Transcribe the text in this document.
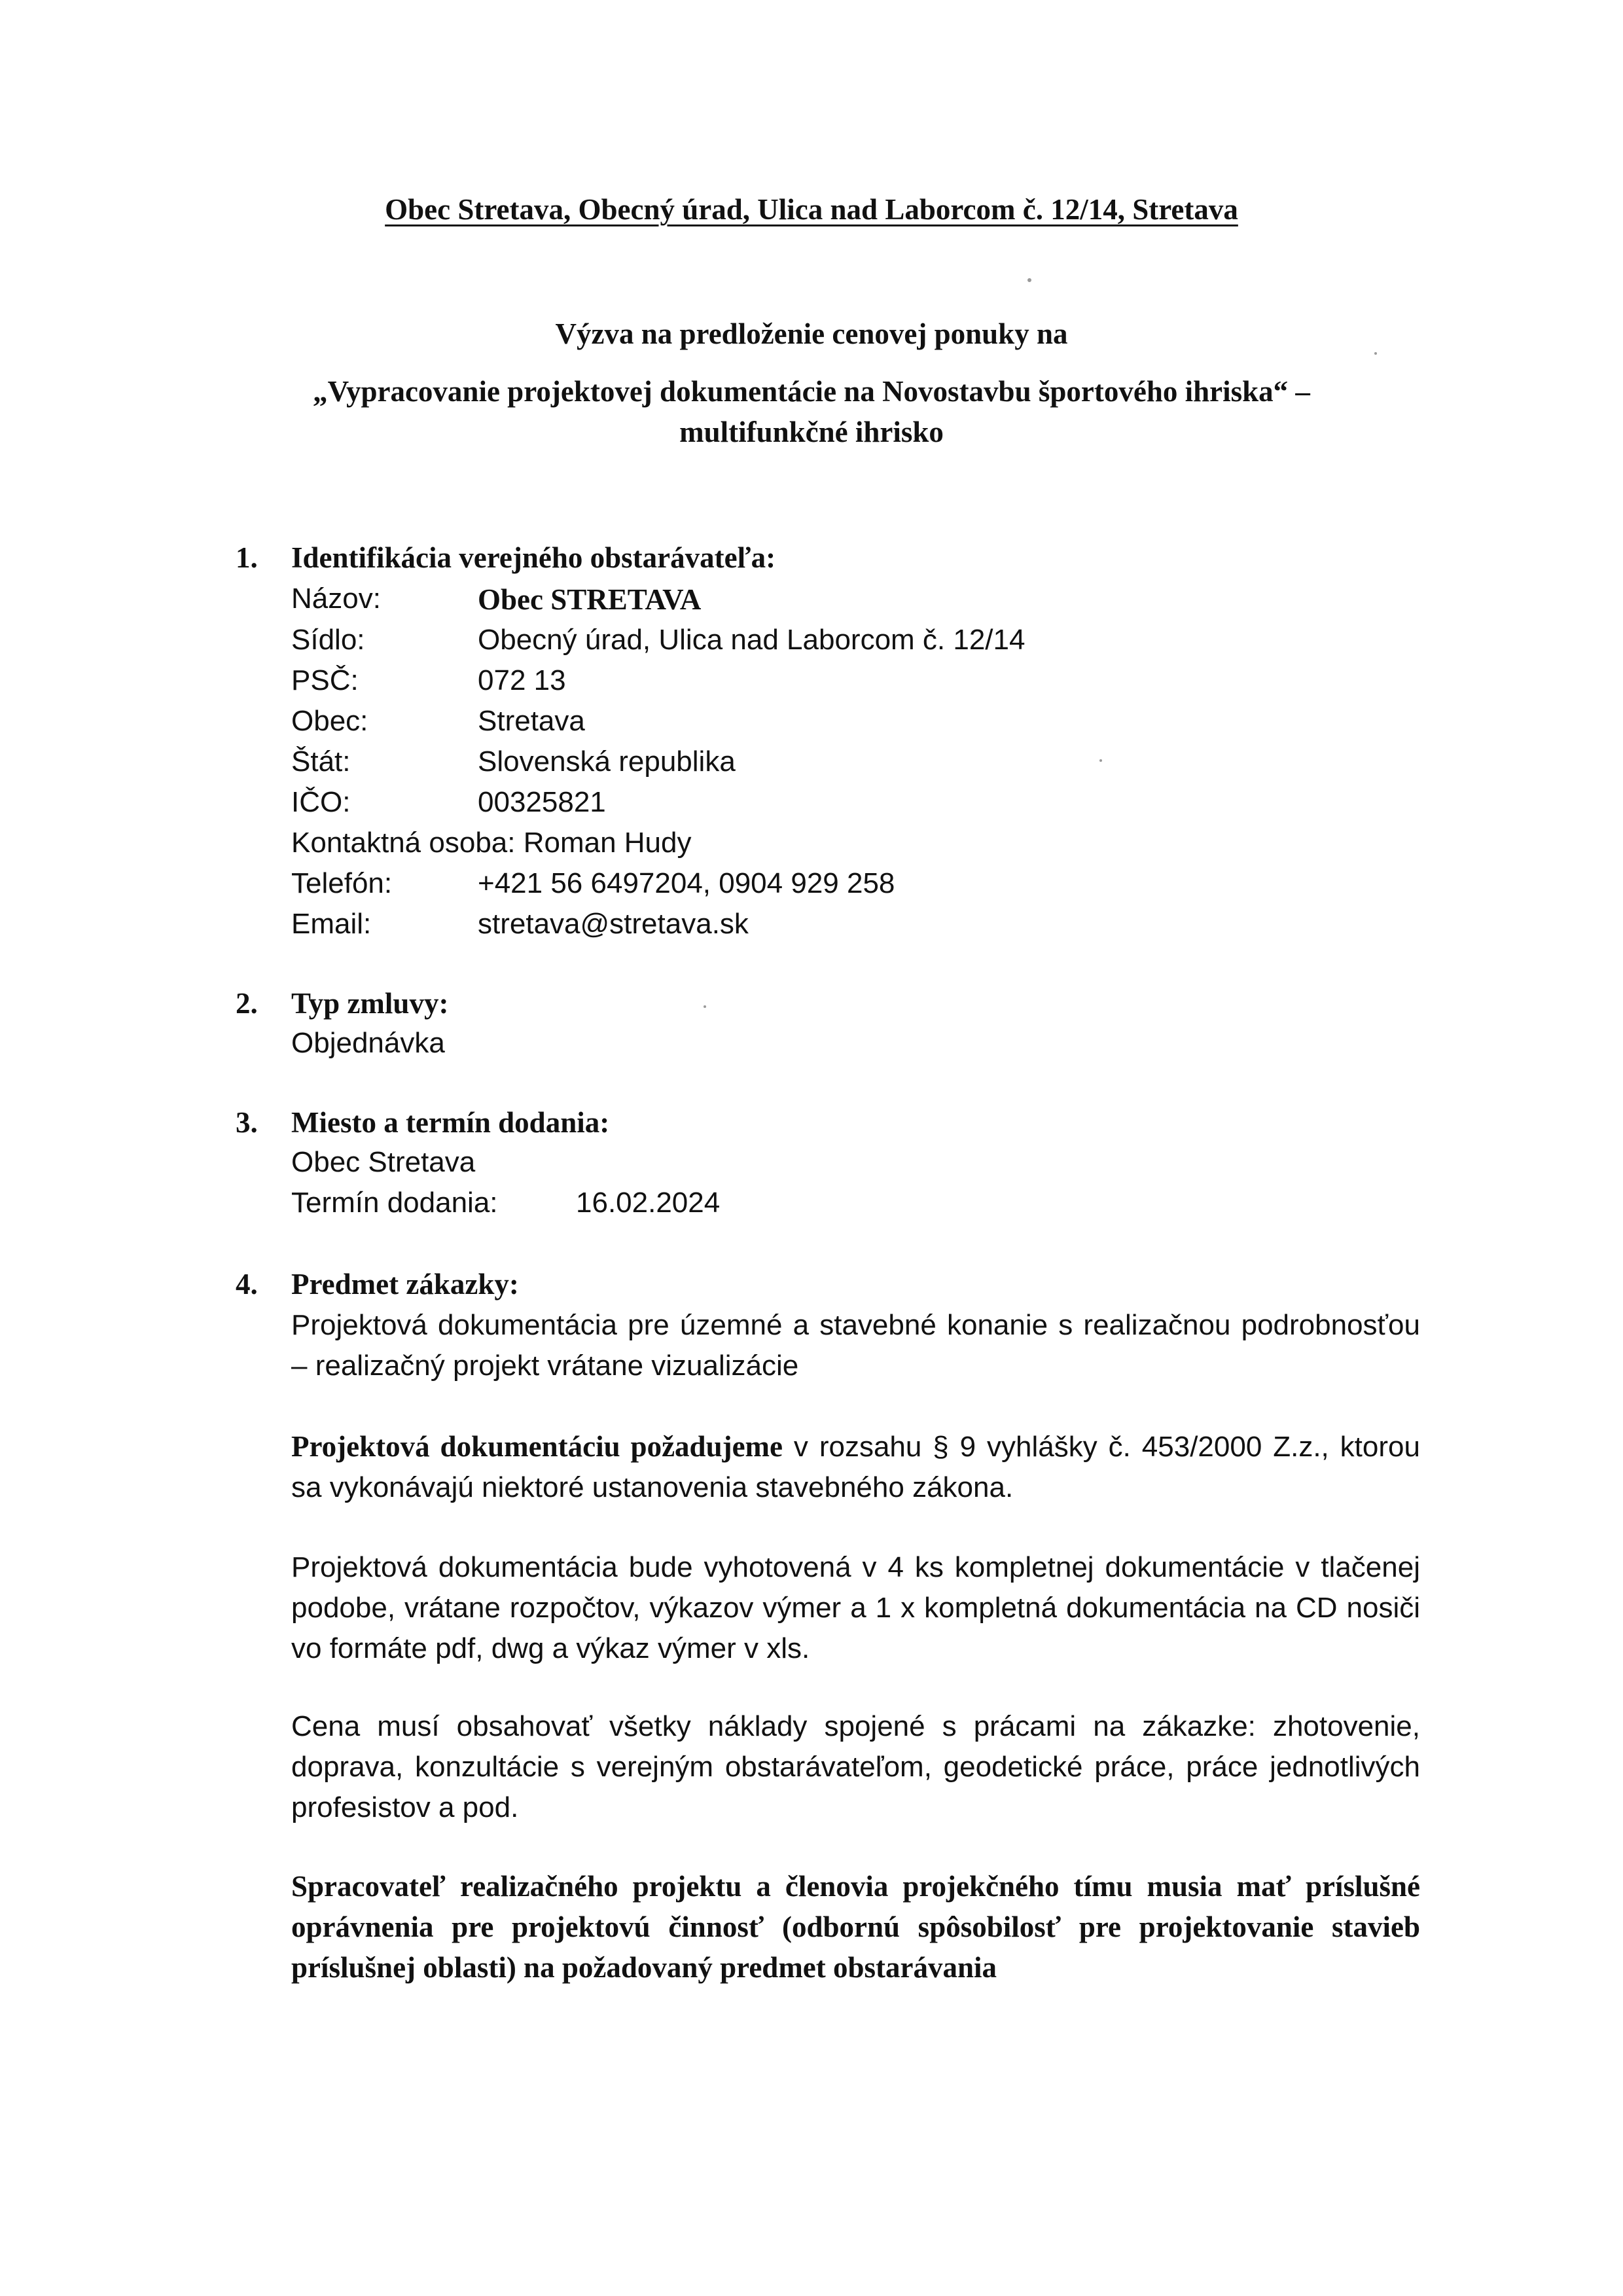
Obec Stretava, Obecný úrad, Ulica nad Laborcom č. 12/14, Stretava
Výzva na predloženie cenovej ponuky na
„Vypracovanie projektovej dokumentácie na Novostavbu športového ihriska“ –
multifunkčné ihrisko
1. Identifikácia verejného obstarávateľa:
Názov:	Obec STRETAVA
Sídlo:	Obecný úrad, Ulica nad Laborcom č. 12/14
PSČ:	072 13
Obec:	Stretava
Štát:	Slovenská republika
IČO:	00325821
Kontaktná osoba: Roman Hudy
Telefón:	+421 56 6497204, 0904 929 258
Email:	stretava@stretava.sk
2. Typ zmluvy:
Objednávka
3. Miesto a termín dodania:
Obec Stretava
Termín dodania:	16.02.2024
4. Predmet zákazky:
Projektová dokumentácia pre územné a stavebné konanie s realizačnou podrobnosťou – realizačný projekt vrátane vizualizácie
Projektová dokumentáciu požadujeme v rozsahu § 9 vyhlášky č. 453/2000 Z.z., ktorou sa vykonávajú niektoré ustanovenia stavebného zákona.
Projektová dokumentácia bude vyhotovená v 4 ks kompletnej dokumentácie v tlačenej podobe, vrátane rozpočtov, výkazov výmer a 1 x kompletná dokumentácia na CD nosiči vo formáte pdf, dwg a výkaz výmer v xls.
Cena musí obsahovať všetky náklady spojené s prácami na zákazke: zhotovenie, doprava, konzultácie s verejným obstarávateľom, geodetické práce, práce jednotlivých profesistov a pod.
Spracovateľ realizačného projektu a členovia projekčného tímu musia mať príslušné oprávnenia pre projektovú činnosť (odbornú spôsobilosť pre projektovanie stavieb príslušnej oblasti) na požadovaný predmet obstarávania
